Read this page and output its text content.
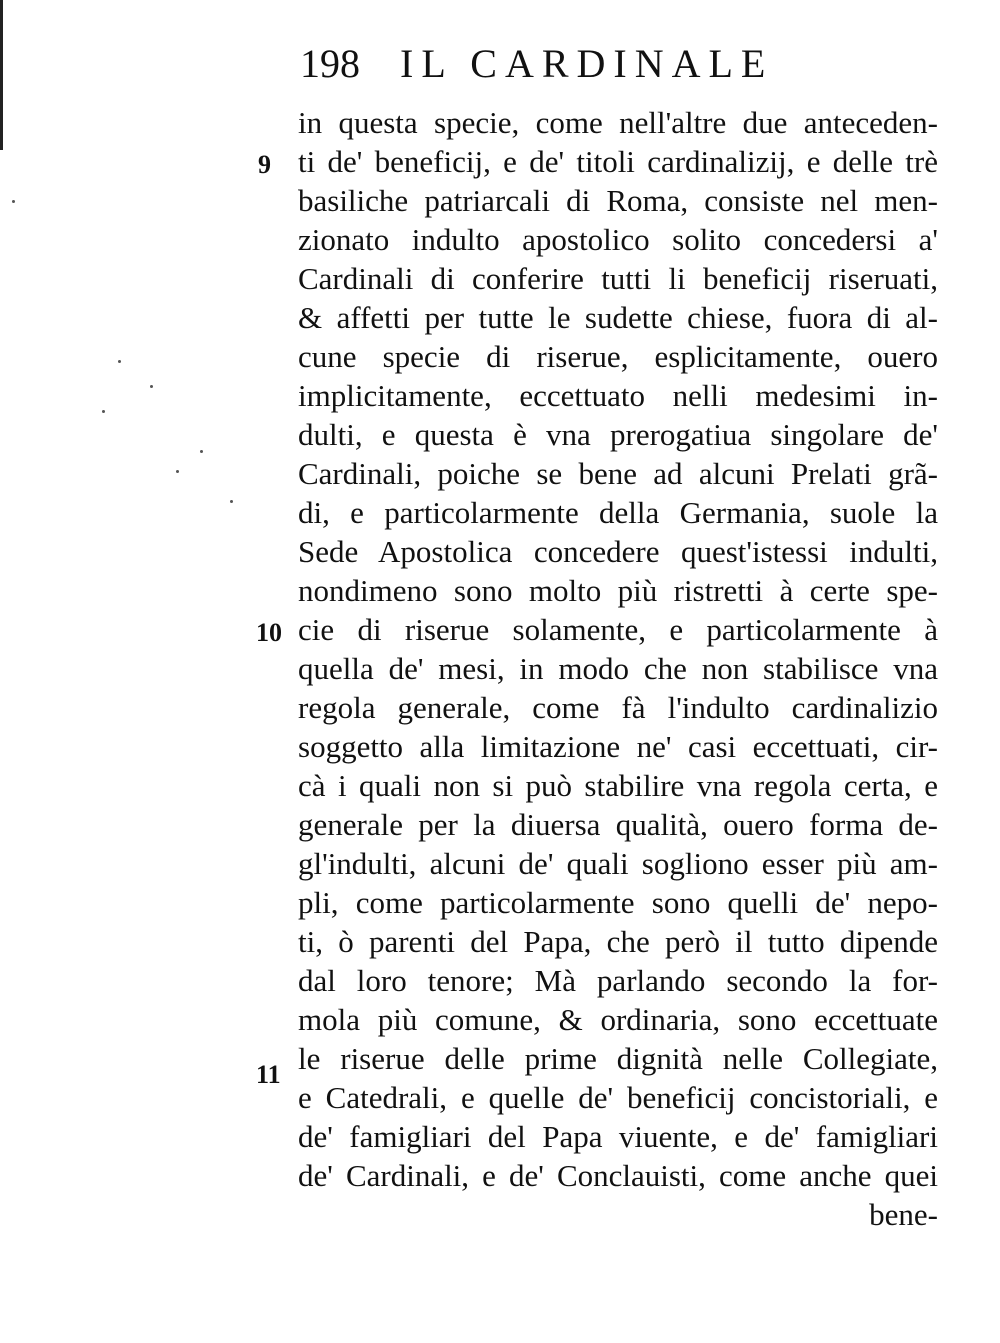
198 IL CARDINALE
9
10
11
in questa specie, come nell'altre due anteceden-
ti de' beneficij, e de' titoli cardinalizij, e delle trè
basiliche patriarcali di Roma, consiste nel men-
zionato indulto apostolico solito concedersi a'
Cardinali di conferire tutti li beneficij riseruati,
& affetti per tutte le sudette chiese, fuora di al-
cune specie di riserue, esplicitamente, ouero
implicitamente, eccettuato nelli medesimi in-
dulti, e questa è vna prerogatiua singolare de'
Cardinali, poiche se bene ad alcuni Prelati grã-
di, e particolarmente della Germania, suole la
Sede Apostolica concedere quest'istessi indulti,
nondimeno sono molto più ristretti à certe spe-
cie di riserue solamente, e particolarmente à
quella de' mesi, in modo che non stabilisce vna
regola generale, come fà l'indulto cardinalizio
soggetto alla limitazione ne' casi eccettuati, cir-
cà i quali non si può stabilire vna regola certa, e
generale per la diuersa qualità, ouero forma de-
gl'indulti, alcuni de' quali sogliono esser più am-
pli, come particolarmente sono quelli de' nepo-
ti, ò parenti del Papa, che però il tutto dipende
dal loro tenore; Mà parlando secondo la for-
mola più comune, & ordinaria, sono eccettuate
le riserue delle prime dignità nelle Collegiate,
e Catedrali, e quelle de' beneficij concistoriali, e
de' famigliari del Papa viuente, e de' famigliari
de' Cardinali, e de' Conclauisti, come anche quei
bene-
